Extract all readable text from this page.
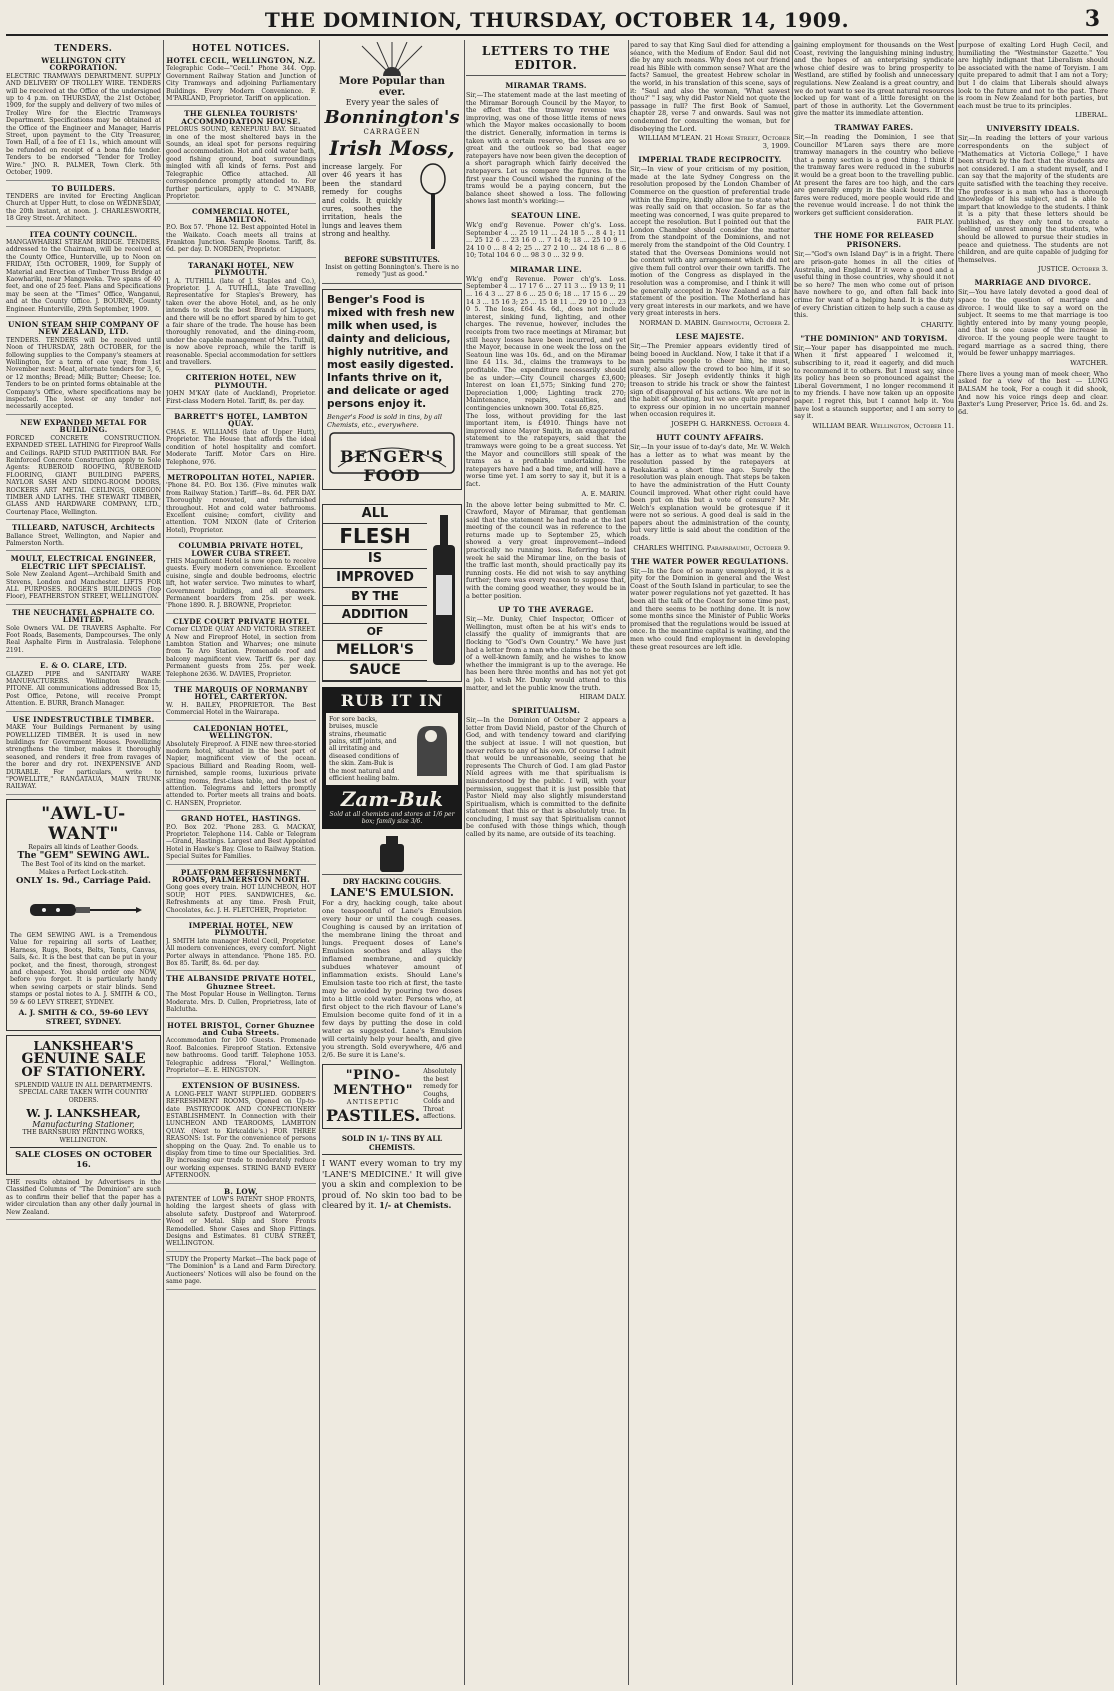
THE DOMINION, THURSDAY, OCTOBER 14, 1909.	3
TENDERS.
WELLINGTON CITY CORPORATION.
ELECTRIC TRAMWAYS DEPARTMENT. SUPPLY AND DELIVERY OF TROLLEY WIRE. TENDERS will be received at the Office of the undersigned up to 4 p.m. on THURSDAY, the 21st October, 1909, for the supply and delivery of two miles of Trolley Wire for the Electric Tramways Department. Specifications may be obtained at the Office of the Engineer and Manager, Harris Street, upon payment to the City Treasurer, Town Hall, of a fee of £1 1s., which amount will be refunded on receipt of a bona fide tender. Tenders to be endorsed "Tender for Trolley Wire." JNO. R. PALMER, Town Clerk. 5th October, 1909.
TO BUILDERS.
TENDERS are invited for Erecting Anglican Church at Upper Hutt, to close on WEDNESDAY, the 20th instant, at noon. J. CHARLESWORTH, 18 Grey Street. Architect.
ITEA COUNTY COUNCIL.
MANGAWHARIKI STREAM BRIDGE. TENDERS, addressed to the Chairman, will be received at the County Office, Hunterville, up to Noon on FRIDAY, 15th OCTOBER, 1909, for Supply of Material and Erection of Timber Truss Bridge at Kaowhariki, near Mangaweka. Two spans of 40 feet, and one of 25 feet. Plans and Specifications may be seen at the "Times" Office, Wanganui, and at the County Office. J. BOURNE, County Engineer. Hunterville, 29th September, 1909.
UNION STEAM SHIP COMPANY OF NEW ZEALAND, LTD.
TENDERS. TENDERS will be received until Noon of THURSDAY, 28th OCTOBER, for the following supplies to the Company's steamers at Wellington, for a term of one year, from 1st November next: Meat, alternate tenders for 3, 6, or 12 months; Bread; Milk; Butter; Cheese; Ice. Tenders to be on printed forms obtainable at the Company's Office, where specifications may be inspected. The lowest or any tender not necessarily accepted.
NEW EXPANDED METAL FOR BUILDING.
FORCED CONCRETE CONSTRUCTION. EXPANDED STEEL LATHING for Fireproof Walls and Ceilings. RAPID STUD PARTITION BAR. For Reinforced Concrete Construction apply to Sole Agents: RUBEROID ROOFING, RUBEROID FLOORING, GIANT BUILDING PAPERS, NAYLOR SASH AND SIDING-ROOM DOORS, ROCKERS ART METAL CEILINGS, OREGON TIMBER AND LATHS. THE STEWART TIMBER, GLASS AND HARDWARE COMPANY, LTD., Courtenay Place, Wellington.
TILLEARD, NATUSCH, Architects
Ballance Street, Wellington, and Napier and Palmerston North.
MOULT, ELECTRICAL ENGINEER, ELECTRIC LIFT SPECIALIST.
Sole New Zealand Agent—Archibald Smith and Stevens, London and Manchester. LIFTS FOR ALL PURPOSES. ROGER'S BUILDINGS (Top Floor), FEATHERSTON STREET, WELLINGTON.
THE NEUCHATEL ASPHALTE CO. LIMITED.
Sole Owners VAL DE TRAVERS Asphalte. For Foot Roads, Basements, Dampcourses. The only Real Asphalte Firm in Australasia. Telephone 2191.
E. & O. CLARE, LTD.
GLAZED PIPE and SANITARY WARE MANUFACTURERS. Wellington Branch: PITONE. All communications addressed Box 15, Post Office, Petone, will receive Prompt Attention. E. BURR, Branch Manager.
USE INDESTRUCTIBLE TIMBER.
MAKE Your Buildings Permanent by using POWELLIZED TIMBER. It is used in new buildings for Government Houses. Powellizing strengthens the timber, makes it thoroughly seasoned, and renders it free from ravages of the borer and dry rot. INEXPENSIVE AND DURABLE. For particulars, write to "POWELLITE," RANGATAUA, MAIN TRUNK RAILWAY.
"AWL-U-WANT"
Repairs all kinds of Leather Goods.
The "GEM" SEWING AWL.
The Best Tool of its kind on the market.
Makes a Perfect Lock-stitch.
ONLY 1s. 9d., Carriage Paid.
The GEM SEWING AWL is a Tremendous Value for repairing all sorts of Leather, Harness, Rugs, Boots, Belts, Tents, Canvas, Sails, &c. It is the best that can be put in your pocket, and the finest, thorough, strongest and cheapest. You should order one NOW, before you forget. It is particularly handy when sewing carpets or stair blinds. Send stamps or postal notes to A. J. SMITH & CO., 59 & 60 LEVY STREET, SYDNEY.
A. J. SMITH & CO., 59-60 LEVY STREET, SYDNEY.
LANKSHEAR'S
GENUINE SALE
OF STATIONERY.
SPLENDID VALUE IN ALL DEPARTMENTS.
SPECIAL CARE TAKEN WITH COUNTRY ORDERS.
W. J. LANKSHEAR,
Manufacturing Stationer,
THE BARNSBURY PRINTING WORKS, WELLINGTON.
SALE CLOSES ON OCTOBER 16.
THE results obtained by Advertisers in the Classified Columns of "The Dominion" are such as to confirm their belief that the paper has a wider circulation than any other daily journal in New Zealand.
HOTEL NOTICES.
HOTEL CECIL, WELLINGTON, N.Z.
Telegraphic Code—"Cecil." Phone 344. Opp. Government Railway Station and Junction of City Tramways and adjoining Parliamentary Buildings. Every Modern Convenience. F. M'PARLAND, Proprietor. Tariff on application.
THE GLENLEA TOURISTS' ACCOMMODATION HOUSE.
PELORUS SOUND, KENEPURU BAY. Situated in one of the most sheltered bays in the Sounds, an ideal spot for persons requiring good accommodation. Hot and cold water bath, good fishing ground, boat surroundings mingled with all kinds of ferns. Post and Telegraphic Office attached. All correspondence promptly attended to. For further particulars, apply to C. M'NABB, Proprietor.
COMMERCIAL HOTEL, HAMILTON.
P.O. Box 57. 'Phone 12. Best appointed Hotel in the Waikato. Coach meets all trains at Frankton Junction. Sample Rooms. Tariff, 8s. 6d. per day. D. NORDEN, Proprietor.
TARANAKI HOTEL, NEW PLYMOUTH.
J. A. TUTHILL (late of J. Staples and Co.), Proprietor. J. A. TUTHILL, late Travelling Representative for Staples's Brewery, has taken over the above Hotel, and, as he only intends to stock the best Brands of Liquors, and there will be no effort spared by him to get a fair share of the trade. The house has been thoroughly renovated, and the dining-room, under the capable management of Mrs. Tuthill, is now above reproach, while the tariff is reasonable. Special accommodation for settlers and travellers.
CRITERION HOTEL, NEW PLYMOUTH.
JOHN M'KAY (late of Auckland), Proprietor. First-class Modern Hotel. Tariff, 8s. per day.
BARRETT'S HOTEL, LAMBTON QUAY.
CHAS. E. WILLIAMS (late of Upper Hutt), Proprietor. The House that affords the ideal condition of hotel hospitality and comfort. Moderate Tariff. Motor Cars on Hire. Telephone, 976.
METROPOLITAN HOTEL, NAPIER.
'Phone 84. P.O. Box 136. (Five minutes walk from Railway Station.) Tariff—8s. 6d. PER DAY. Thoroughly renovated, and refurnished throughout. Hot and cold water bathrooms. Excellent cuisine; comfort, civility and attention. TOM NIXON (late of Criterion Hotel), Proprietor.
COLUMBIA PRIVATE HOTEL, LOWER CUBA STREET.
THIS Magnificent Hotel is now open to receive guests. Every modern convenience. Excellent cuisine, single and double bedrooms, electric lift, hot water service. Two minutes to wharf, Government buildings, and all steamers. Permanent boarders from 25s. per week. 'Phone 1890. R. J. BROWNE, Proprietor.
CLYDE COURT PRIVATE HOTEL
Corner CLYDE QUAY AND VICTORIA STREET. A New and Fireproof Hotel, in section from Lambton Station and Wharves; one minute from Te Aro Station. Promenade roof and balcony magnificent view. Tariff 6s. per day. Permanent guests from 25s. per week. Telephone 2636. W. DAVIES, Proprietor.
THE MARQUIS OF NORMANBY HOTEL, CARTERTON.
W. H. BAILEY, PROPRIETOR. The Best Commercial Hotel in the Wairarapa.
CALEDONIAN HOTEL, WELLINGTON.
Absolutely Fireproof. A FINE new three-storied modern hotel, situated in the best part of Napier, magnificent view of the ocean. Spacious Billiard and Reading Room, well-furnished, sample rooms, luxurious private sitting rooms, first-class table, and the best of attention. Telegrams and letters promptly attended to. Porter meets all trains and boats. C. HANSEN, Proprietor.
GRAND HOTEL, HASTINGS.
P.O. Box 202. 'Phone 283. G. MACKAY, Proprietor. Telephone 114. Cable or Telegram—Grand, Hastings. Largest and Best Appointed Hotel in Hawke's Bay. Close to Railway Station. Special Suites for Families.
PLATFORM REFRESHMENT ROOMS, PALMERSTON NORTH.
Gong goes every train. HOT LUNCHEON, HOT SOUP, HOT PIES. SANDWICHES, &c. Refreshments at any time. Fresh Fruit, Chocolates, &c. J. H. FLETCHER, Proprietor.
IMPERIAL HOTEL, NEW PLYMOUTH.
J. SMITH late manager Hotel Cecil, Proprietor. All modern conveniences, every comfort. Night Porter always in attendance. 'Phone 185. P.O. Box 85. Tariff, 8s. 6d. per day.
THE ALBANSIDE PRIVATE HOTEL, Ghuznee Street.
The Most Popular House in Wellington. Terms Moderate. Mrs. D. Cullen, Proprietress, late of Balclutha.
HOTEL BRISTOL, Corner Ghuznee and Cuba Streets.
Accommodation for 100 Guests. Promenade Roof. Balconies. Fireproof Station. Extensive new bathrooms. Good tariff. Telephone 1053. Telegraphic address "Floral," Wellington. Proprietor—E. E. HINGSTON.
EXTENSION OF BUSINESS.
A LONG-FELT WANT SUPPLIED. GODBER'S REFRESHMENT ROOMS, Opened on Up-to-date PASTRYCOOK AND CONFECTIONERY ESTABLISHMENT. In Connection with their LUNCHEON AND TEAROOMS, LAMBTON QUAY. (Next to Kirkcaldie's.) FOR THREE REASONS: 1st. For the convenience of persons shopping on the Quay. 2nd. To enable us to display from time to time our Specialities. 3rd. By increasing our trade to moderately reduce our working expenses. STRING BAND EVERY AFTERNOON.
B. LOW,
PATENTEE of LOW'S PATENT SHOP FRONTS, holding the largest sheets of glass with absolute safety. Dustproof and Waterproof. Wood or Metal. Ship and Store Fronts Remodelled. Show Cases and Shop Fittings. Designs and Estimates. 81 CUBA STREET, WELLINGTON.
STUDY the Property Market—The back page of "The Dominion" is a Land and Farm Directory. Auctioneers' Notices will also be found on the same page.
More Popular than
ever.
Every year the sales of
Bonnington's
CARRAGEEN
Irish Moss,
increase largely. For over 46 years it has been the standard remedy for coughs and colds. It quickly cures, soothes the irritation, heals the lungs and leaves them strong and healthy.
BEFORE SUBSTITUTES.
Insist on getting Bonnington's. There is no remedy "just as good."
Benger's Food is mixed with fresh new milk when used, is dainty and delicious, highly nutritive, and most easily digested. Infants thrive on it, and delicate or aged persons enjoy it.
Benger's Food is sold in tins, by all Chemists, etc., everywhere.
BENGER'S FOOD
ALL
FLESH
IS
IMPROVED
BY THE
ADDITION
OF
MELLOR'S
SAUCE
RUB IT IN
For sore backs, bruises, muscle strains, rheumatic pains, stiff joints, and all irritating and diseased conditions of the skin. Zam-Buk is the most natural and efficient healing balm.
Zam-Buk
Sold at all chemists and stores at 1/6 per box; family size 3/6.
DRY HACKING COUGHS.
LANE'S EMULSION.
For a dry, hacking cough, take about one teaspoonful of Lane's Emulsion every hour or until the cough ceases. Coughing is caused by an irritation of the membrane lining the throat and lungs. Frequent doses of Lane's Emulsion soothes and allays the inflamed membrane, and quickly subdues whatever amount of inflammation exists. Should Lane's Emulsion taste too rich at first, the taste may be avoided by pouring two doses into a little cold water. Persons who, at first object to the rich flavour of Lane's Emulsion become quite fond of it in a few days by putting the dose in cold water as suggested. Lane's Emulsion will certainly help your health, and give you strength. Sold everywhere, 4/6 and 2/6. Be sure it is Lane's.
"PINO-MENTHO"
ANTISEPTIC
PASTILES.
Absolutely the best remedy for Coughs, Colds and Throat affections.
SOLD IN 1/- TINS BY ALL CHEMISTS.
I WANT every woman to try my 'LANE'S MEDICINE.' It will give you a skin and complexion to be proud of. No skin too bad to be cleared by it. 1/- at Chemists.
LETTERS TO THE EDITOR.
MIRAMAR TRAMS.
Sir,—The statement made at the last meeting of the Miramar Borough Council by the Mayor, to the effect that the tramway revenue was improving, was one of those little items of news which the Mayor makes occasionally to boom the district. Generally, information in terms is taken with a certain reserve, the losses are so great and the outlook so bad that eager ratepayers have now been given the deception of a short paragraph which fairly deceived the ratepayers. Let us compare the figures. In the first year the Council wished the running of the trams would be a paying concern, but the balance sheet showed a loss. The following shows last month's working:—
SEATOUN LINE.
Wk'g end'g Revenue. Power ch'g's. Loss. September 4 ... 25 19 11 ... 24 18 5 ... 8 4 1; 11 ... 25 12 6 ... 23 16 0 ... 7 14 8; 18 ... 25 10 9 ... 24 10 0 ... 8 4 2; 25 ... 27 2 10 ... 24 18 6 ... 8 6 10; Total 104 6 0 ... 98 3 0 ... 32 9 9.
MIRAMAR LINE.
Wk'g end'g Revenue. Power ch'g's. Loss. September 4 ... 17 17 6 ... 27 11 3 ... 19 13 9; 11 ... 16 4 3 ... 27 8 6 ... 25 0 6; 18 ... 17 15 6 ... 29 14 3 ... 15 16 3; 25 ... 15 18 11 ... 29 10 10 ... 23 0 5. The loss, £64 4s. 6d., does not include interest, sinking fund, lighting, and other charges. The revenue, however, includes the receipts from two race meetings at Miramar, but still heavy losses have been incurred, and yet the Mayor, because in one week the loss on the Seatoun line was 10s. 6d., and on the Miramar line £4 11s. 3d., claims the tramways to be profitable. The expenditure necessarily should be as under:—City Council charges £3,600; Interest on loan £1,575; Sinking fund 270; Depreciation 1,000; Lighting track 270; Maintenance, repairs, casualties, and contingencies unknown 300. Total £6,825.
The loss, without providing for the last important item, is £4910. Things have not improved since Mayor Smith, in an exaggerated statement to the ratepayers, said that the tramways were going to be a great success. Yet the Mayor and councillors still speak of the trams as a profitable undertaking. The ratepayers have had a bad time, and will have a worse time yet. I am sorry to say it, but it is a fact.
A. E. MARIN.
In the above letter being submitted to Mr. C. Crawford, Mayor of Miramar, that gentleman said that the statement he had made at the last meeting of the council was in reference to the returns made up to September 25, which showed a very great improvement—indeed practically no running loss. Referring to last week he said the Miramar line, on the basis of the traffic last month, should practically pay its running costs. He did not wish to say anything further; there was every reason to suppose that, with the coming good weather, they would be in a better position.
UP TO THE AVERAGE.
Sir,—Mr. Dunky, Chief Inspector, Officer of Wellington, must often be at his wit's ends to classify the quality of immigrants that are flocking to "God's Own Country." We have just had a letter from a man who claims to be the son of a well-known family, and he wishes to know whether the immigrant is up to the average. He has been here three months and has not yet got a job. I wish Mr. Dunky would attend to this matter, and let the public know the truth.
HIRAM DALY.
SPIRITUALISM.
Sir,—In the Dominion of October 2 appears a letter from David Nield, pastor of the Church of God, and with tendency toward and clarifying the subject at issue. I will not question, but never refers to any of his own. Of course I admit that would be unreasonable, seeing that he represents The Church of God. I am glad Pastor Nield agrees with me that spiritualism is misunderstood by the public. I will, with your permission, suggest that it is just possible that Pastor Nield may also slightly misunderstand Spiritualism, which is committed to the definite statement that this or that is absolutely true. In concluding, I must say that Spiritualism cannot be confused with those things which, though called by its name, are outside of its teaching.
pared to say that King Saul died for attending a séance, with the Medium of Endor. Saul did not die by any such means. Why does not our friend read his Bible with common sense? What are the facts? Samuel, the greatest Hebrew scholar in the world, in his translation of this scene, says of it: "Saul and also the woman, 'What sawest thou?' " I say, why did Pastor Nield not quote the passage in full? The first Book of Samuel, chapter 28, verse 7 and onwards. Saul was not condemned for consulting the woman, but for disobeying the Lord.
WILLIAM M'LEAN. 21 Home Street, October 3, 1909.
IMPERIAL TRADE RECIPROCITY.
Sir,—In view of your criticism of my position, made at the late Sydney Congress on the resolution proposed by the London Chamber of Commerce on the question of preferential trade within the Empire, kindly allow me to state what was really said on that occasion. So far as the meeting was concerned, I was quite prepared to accept the resolution. But I pointed out that the London Chamber should consider the matter from the standpoint of the Dominions, and not merely from the standpoint of the Old Country. I stated that the Overseas Dominions would not be content with any arrangement which did not give them full control over their own tariffs. The motion of the Congress as displayed in the resolution was a compromise, and I think it will be generally accepted in New Zealand as a fair statement of the position. The Motherland has very great interests in our markets, and we have very great interests in hers.
NORMAN D. MABIN. Greymouth, October 2.
LESE MAJESTE.
Sir,—The Premier appears evidently tired of being booed in Auckland. Now, I take it that if a man permits people to cheer him, he must, surely, also allow the crowd to boo him, if it so pleases. Sir Joseph evidently thinks it high treason to stride his track or show the faintest sign of disapproval of his actions. We are not in the habit of shouting, but we are quite prepared to express our opinion in no uncertain manner when occasion requires it.
JOSEPH G. HARKNESS. October 4.
HUTT COUNTY AFFAIRS.
Sir,—In your issue of to-day's date, Mr. W. Welch has a letter as to what was meant by the resolution passed by the ratepayers at Paekakariki a short time ago. Surely the resolution was plain enough. That steps be taken to have the administration of the Hutt County Council improved. What other right could have been put on this but a vote of censure? Mr. Welch's explanation would be grotesque if it were not so serious. A good deal is said in the papers about the administration of the county, but very little is said about the condition of the roads.
CHARLES WHITING. Paraparaumu, October 9.
THE WATER POWER REGULATIONS.
Sir,—In the face of so many unemployed, it is a pity for the Dominion in general and the West Coast of the South Island in particular, to see the water power regulations not yet gazetted. It has been all the talk of the Coast for some time past, and there seems to be nothing done. It is now some months since the Minister of Public Works promised that the regulations would be issued at once. In the meantime capital is waiting, and the men who could find employment in developing these great resources are left idle.
gaining employment for thousands on the West Coast, reviving the languishing mining industry, and the hopes of an enterprising syndicate whose chief desire was to bring prosperity to Westland, are stifled by foolish and unnecessary regulations. New Zealand is a great country, and we do not want to see its great natural resources locked up for want of a little foresight on the part of those in authority. Let the Government give the matter its immediate attention.
TRAMWAY FARES.
Sir,—In reading the Dominion, I see that Councillor M'Laren says there are more tramway managers in the country who believe that a penny section is a good thing. I think if the tramway fares were reduced in the suburbs it would be a great boon to the travelling public. At present the fares are too high, and the cars are generally empty in the slack hours. If the fares were reduced, more people would ride and the revenue would increase. I do not think the workers get sufficient consideration.
FAIR PLAY.
THE HOME FOR RELEASED PRISONERS.
Sir,—"God's own Island Day" is in a fright. There are prison-gate homes in all the cities of Australia, and England. If it were a good and a useful thing in those countries, why should it not be so here? The men who come out of prison have nowhere to go, and often fall back into crime for want of a helping hand. It is the duty of every Christian citizen to help such a cause as this.
CHARITY.
"THE DOMINION" AND TORYISM.
Sir,—Your paper has disappointed me much. When it first appeared I welcomed it, subscribing to it, read it eagerly, and did much to recommend it to others. But I must say, since its policy has been so pronounced against the Liberal Government, I no longer recommend it to my friends. I have now taken up an opposite paper. I regret this, but I cannot help it. You have lost a staunch supporter, and I am sorry to say it.
WILLIAM BEAR. Wellington, October 11.
purpose of exalting Lord Hugh Cecil, and humiliating the "Westminster Gazette." You are highly indignant that Liberalism should be associated with the name of Toryism. I am quite prepared to admit that I am not a Tory; but I do claim that Liberals should always look to the future and not to the past. There is room in New Zealand for both parties, but each must be true to its principles.
LIBERAL.
UNIVERSITY IDEALS.
Sir,—In reading the letters of your various correspondents on the subject of "Mathematics at Victoria College," I have been struck by the fact that the students are not considered. I am a student myself, and I can say that the majority of the students are quite satisfied with the teaching they receive. The professor is a man who has a thorough knowledge of his subject, and is able to impart that knowledge to the students. I think it is a pity that these letters should be published, as they only tend to create a feeling of unrest among the students, who should be allowed to pursue their studies in peace and quietness. The students are not children, and are quite capable of judging for themselves.
JUSTICE. October 3.
MARRIAGE AND DIVORCE.
Sir,—You have lately devoted a good deal of space to the question of marriage and divorce. I would like to say a word on the subject. It seems to me that marriage is too lightly entered into by many young people, and that is one cause of the increase in divorce. If the young people were taught to regard marriage as a sacred thing, there would be fewer unhappy marriages.
WATCHER.
There lives a young man of meek cheer, Who asked for a view of the best — LUNG BALSAM he took, For a cough it did shook, And now his voice rings deep and clear. Baxter's Lung Preserver, Price 1s. 6d. and 2s. 6d.
